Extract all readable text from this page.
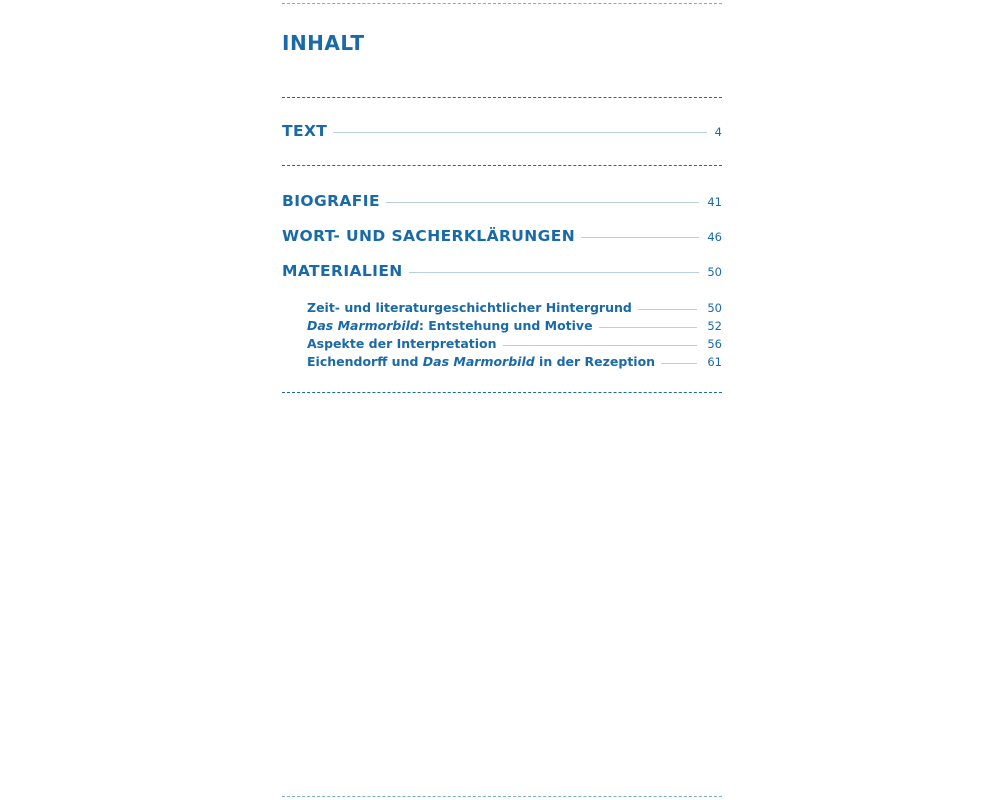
INHALT
TEXT	4
BIOGRAFIE	41
WORT- UND SACHERKLÄRUNGEN	46
MATERIALIEN	50
Zeit- und literaturgeschichtlicher Hintergrund	50
Das Marmorbild: Entstehung und Motive	52
Aspekte der Interpretation	56
Eichendorff und Das Marmorbild in der Rezeption	61
